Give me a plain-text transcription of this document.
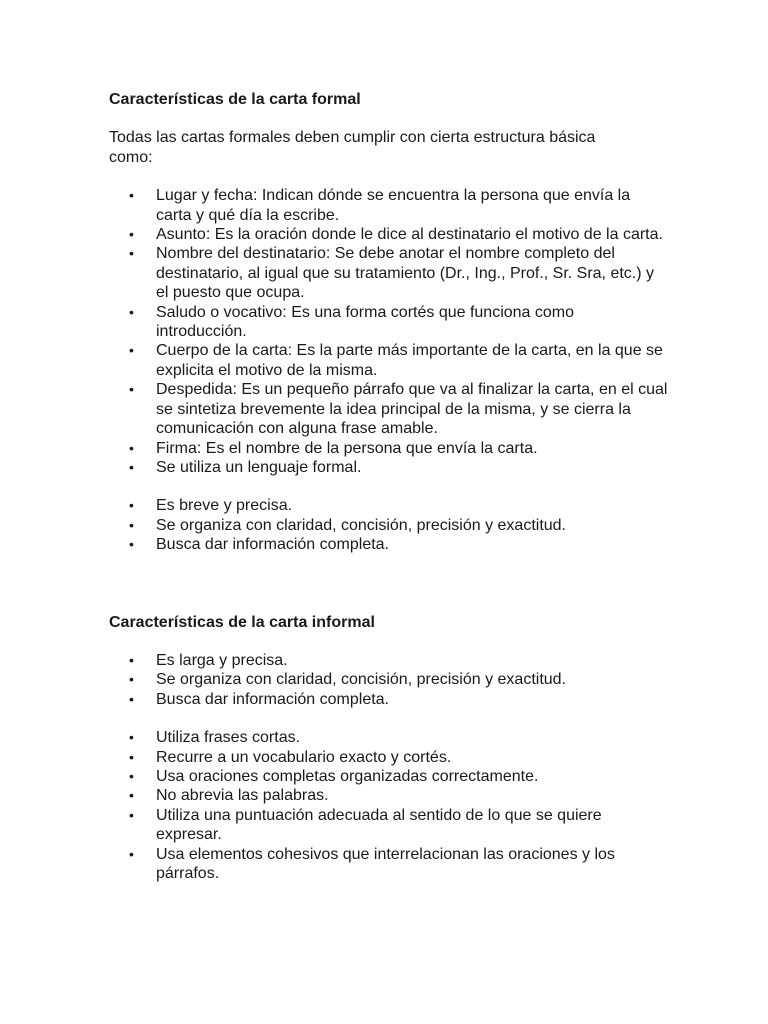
Características de la carta formal

Todas las cartas formales deben cumplir con cierta estructura básica como:

• Lugar y fecha: Indican dónde se encuentra la persona que envía la carta y qué día la escribe.
• Asunto: Es la oración donde le dice al destinatario el motivo de la carta.
• Nombre del destinatario: Se debe anotar el nombre completo del destinatario, al igual que su tratamiento (Dr., Ing., Prof., Sr. Sra, etc.) y el puesto que ocupa.
• Saludo o vocativo: Es una forma cortés que funciona como introducción.
• Cuerpo de la carta: Es la parte más importante de la carta, en la que se explicita el motivo de la misma.
• Despedida: Es un pequeño párrafo que va al finalizar la carta, en el cual se sintetiza brevemente la idea principal de la misma, y se cierra la comunicación con alguna frase amable.
• Firma: Es el nombre de la persona que envía la carta.
• Se utiliza un lenguaje formal.
• Es breve y precisa.
• Se organiza con claridad, concisión, precisión y exactitud.
• Busca dar información completa.

Características de la carta informal

• Es larga y precisa.
• Se organiza con claridad, concisión, precisión y exactitud.
• Busca dar información completa.
• Utiliza frases cortas.
• Recurre a un vocabulario exacto y cortés.
• Usa oraciones completas organizadas correctamente.
• No abrevia las palabras.
• Utiliza una puntuación adecuada al sentido de lo que se quiere expresar.
• Usa elementos cohesivos que interrelacionan las oraciones y los párrafos.
